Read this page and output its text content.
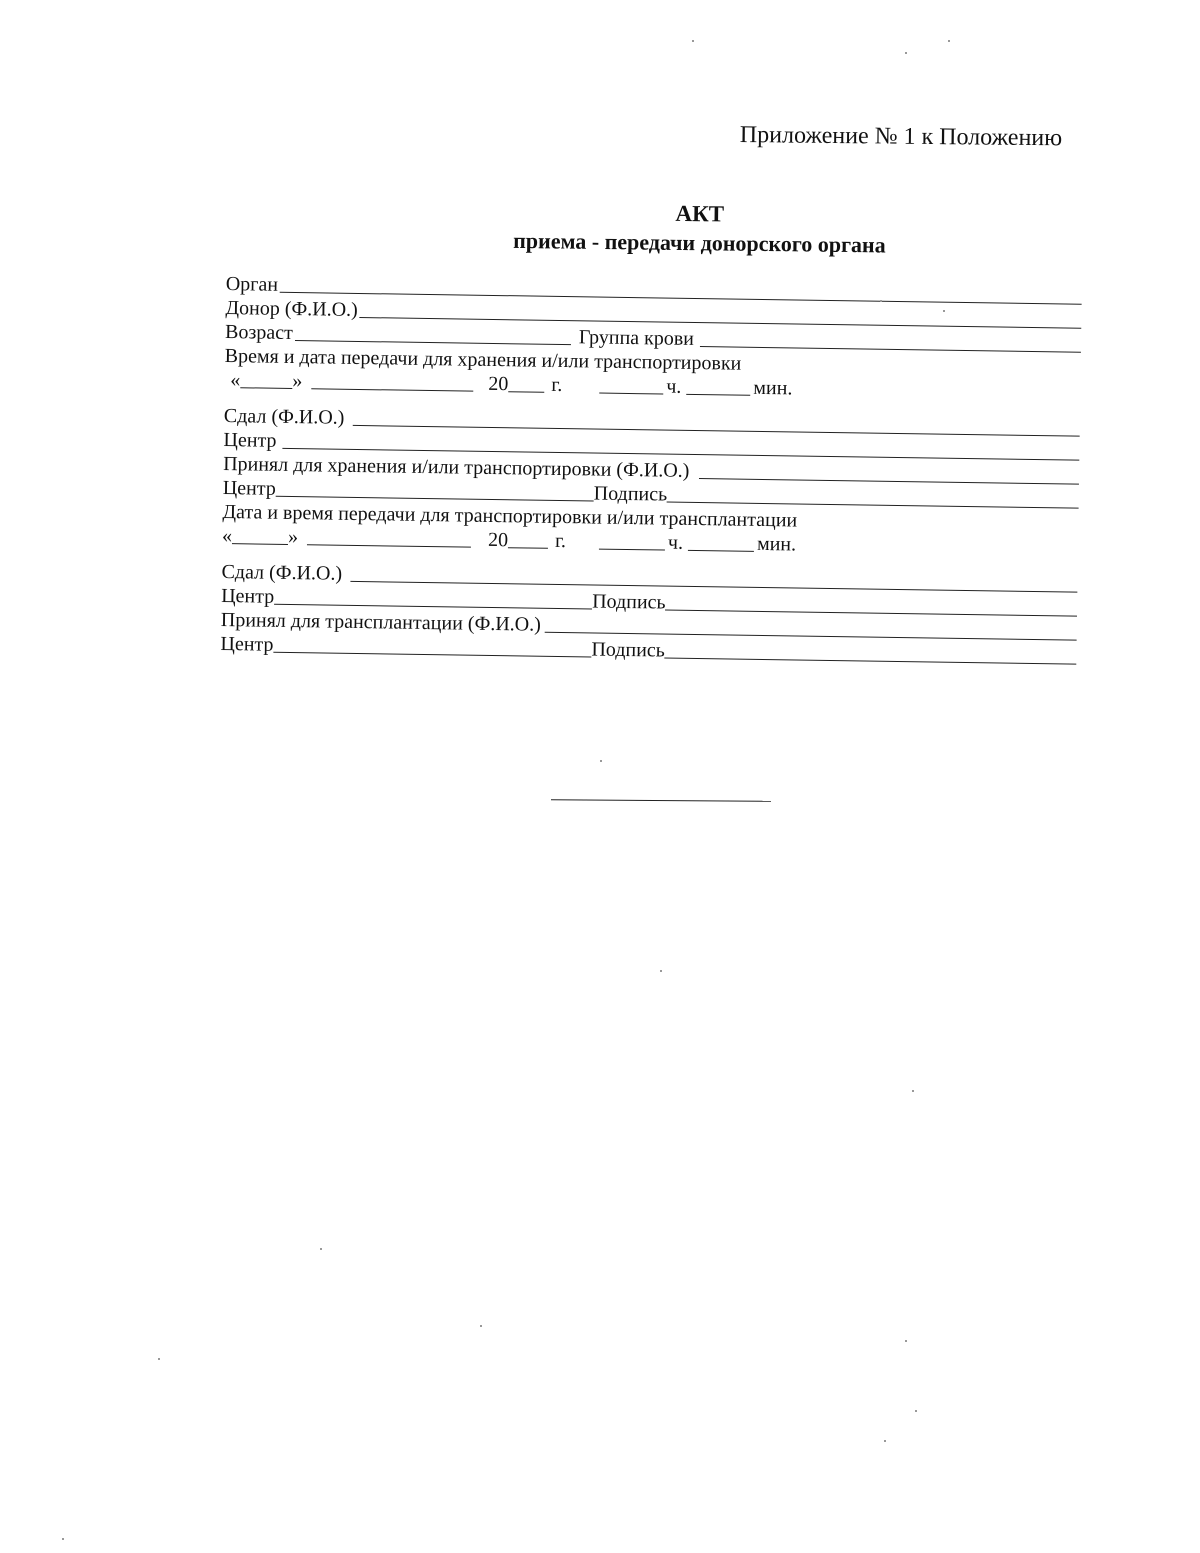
Приложение № 1 к Положению
АКТ
приема - передачи донорского органа
Орган
Донор (Ф.И.О.)
Возраст	Группа крови
Время и дата передачи для хранения и/или транспортировки
«	»	20 г.	ч.	мин.
Сдал (Ф.И.О.)
Центр
Принял для хранения и/или транспортировки (Ф.И.О.)
Центр	Подпись
Дата и время передачи для транспортировки и/или трансплантации
«	»	20 г.	ч.	мин.
Сдал (Ф.И.О.)
Центр	Подпись
Принял для трансплантации (Ф.И.О.)
Центр	Подпись
